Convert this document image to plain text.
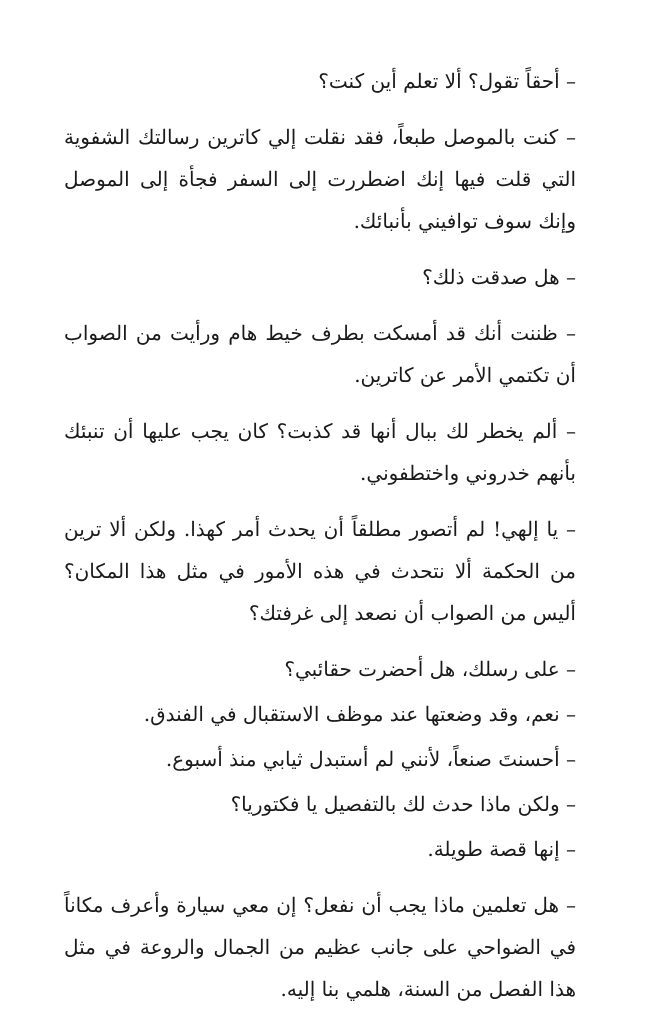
– أحقاً تقول؟ ألا تعلم أين كنت؟

– كنت بالموصل طبعاً، فقد نقلت إلي كاترين رسالتك الشفوية التي قلت فيها إنك اضطررت إلى السفر فجأة إلى الموصل وإنك سوف توافيني بأنبائك.

– هل صدقت ذلك؟

– ظننت أنك قد أمسكت بطرف خيط هام ورأيت من الصواب أن تكتمي الأمر عن كاترين.

– ألم يخطر لك ببال أنها قد كذبت؟ كان يجب عليها أن تنبئك بأنهم خدروني واختطفوني.

– يا إلهي! لم أتصور مطلقاً أن يحدث أمر كهذا. ولكن ألا ترين من الحكمة ألا نتحدث في هذه الأمور في مثل هذا المكان؟ أليس من الصواب أن نصعد إلى غرفتك؟

– على رسلك، هل أحضرت حقائبي؟

– نعم، وقد وضعتها عند موظف الاستقبال في الفندق.

– أحسنتَ صنعاً، لأنني لم أستبدل ثيابي منذ أسبوع.

– ولكن ماذا حدث لك بالتفصيل يا فكتوريا؟

– إنها قصة طويلة.

– هل تعلمين ماذا يجب أن نفعل؟ إن معي سيارة وأعرف مكاناً في الضواحي على جانب عظيم من الجمال والروعة في مثل هذا الفصل من السنة، هلمي بنا إليه.
